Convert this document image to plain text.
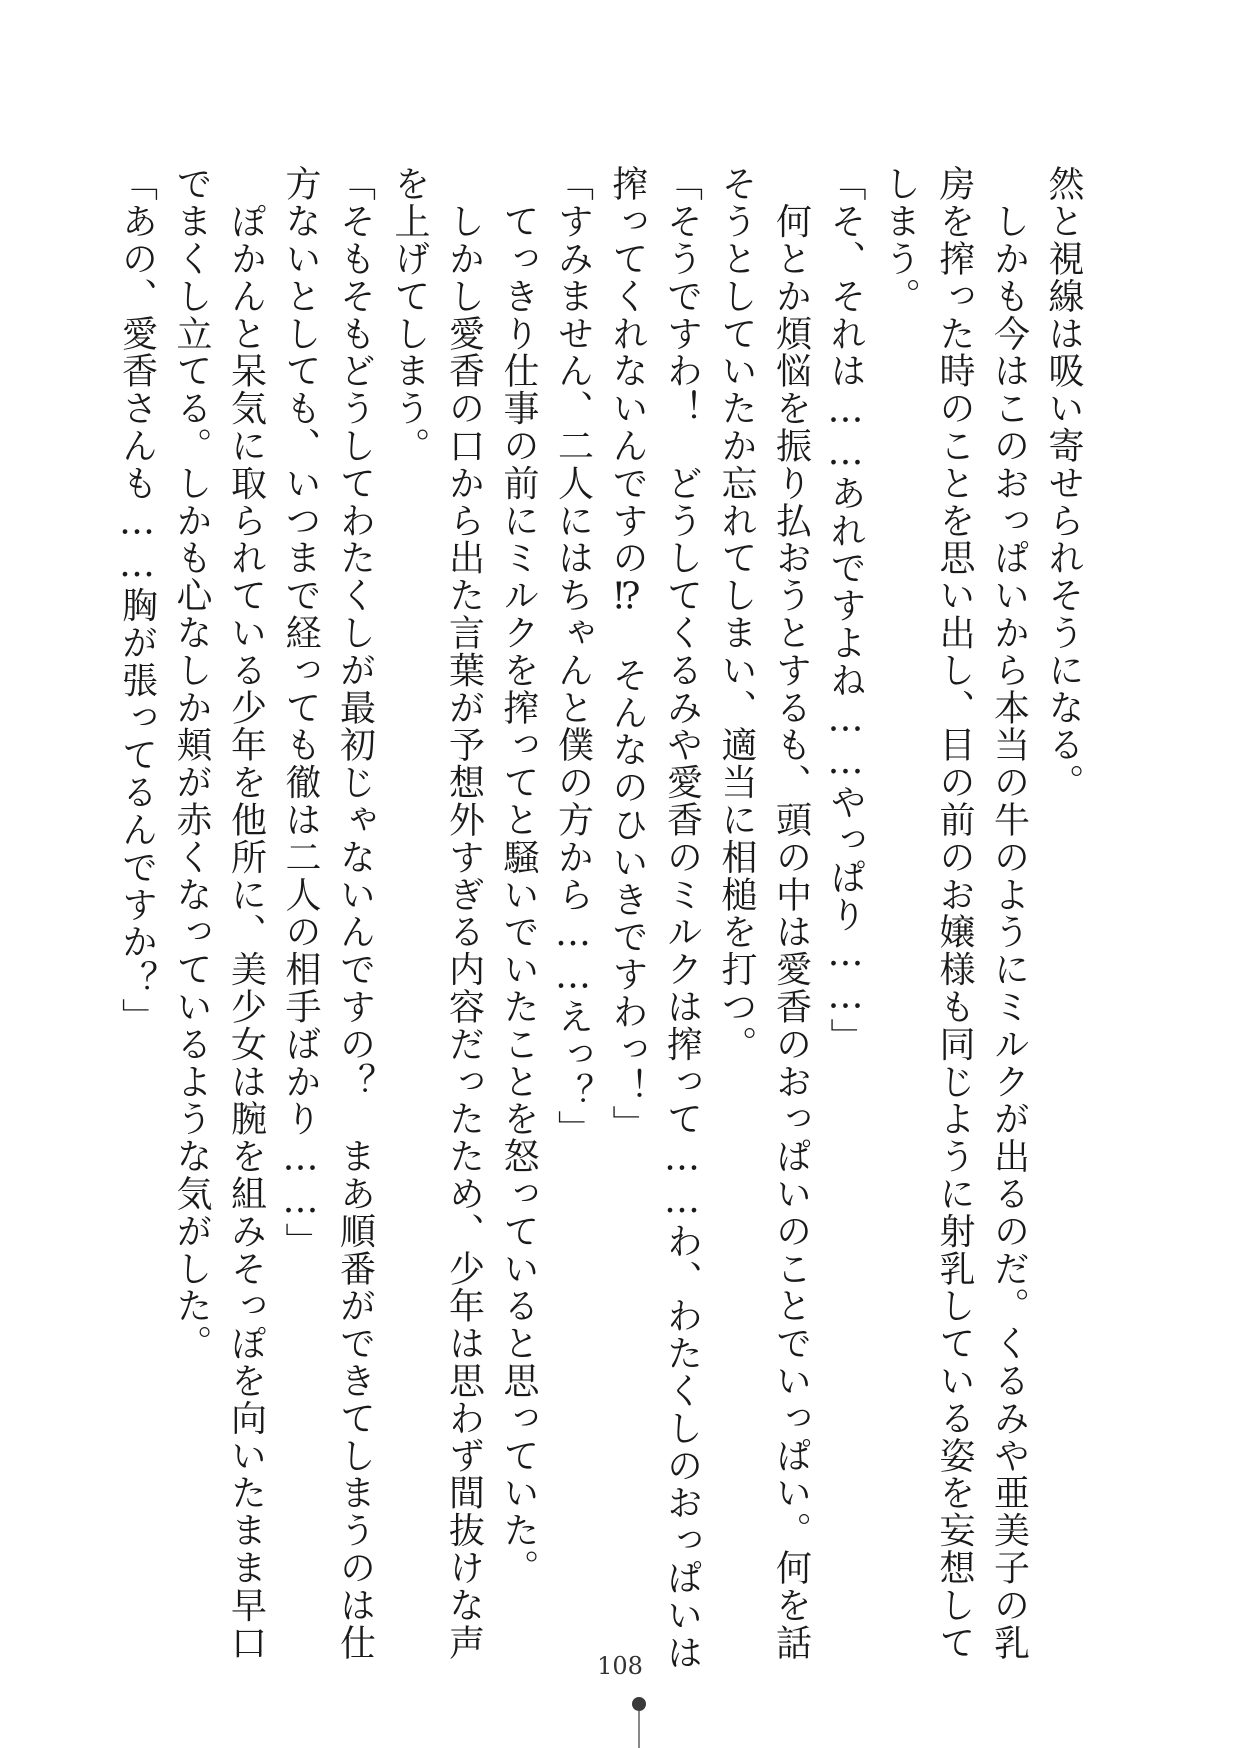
然と視線は吸い寄せられそうになる。

　しかも今はこのおっぱいから本当の牛のようにミルクが出るのだ。くるみや亜美子の乳

房を搾った時のことを思い出し、目の前のお嬢様も同じように射乳している姿を妄想して

しまう。

「そ、それは……あれですよね……やっぱり……」

　何とか煩悩を振り払おうとするも、頭の中は愛香のおっぱいのことでいっぱい。何を話

そうとしていたか忘れてしまい、適当に相槌を打つ。

「そうですわ！　どうしてくるみや愛香のミルクは搾って……わ、わたくしのおっぱいは

搾ってくれないんですの⁉　そんなのひいきですわっ！」

「すみません、二人にはちゃんと僕の方から……えっ？」

　てっきり仕事の前にミルクを搾ってと騒いでいたことを怒っていると思っていた。

　しかし愛香の口から出た言葉が予想外すぎる内容だったため、少年は思わず間抜けな声

を上げてしまう。

「そもそもどうしてわたくしが最初じゃないんですの？　まあ順番ができてしまうのは仕

方ないとしても、いつまで経っても徹は二人の相手ばかり……」

　ぽかんと呆気に取られている少年を他所に、美少女は腕を組みそっぽを向いたまま早口

でまくし立てる。しかも心なしか頬が赤くなっているような気がした。

「あの、愛香さんも……胸が張ってるんですか？」

108
